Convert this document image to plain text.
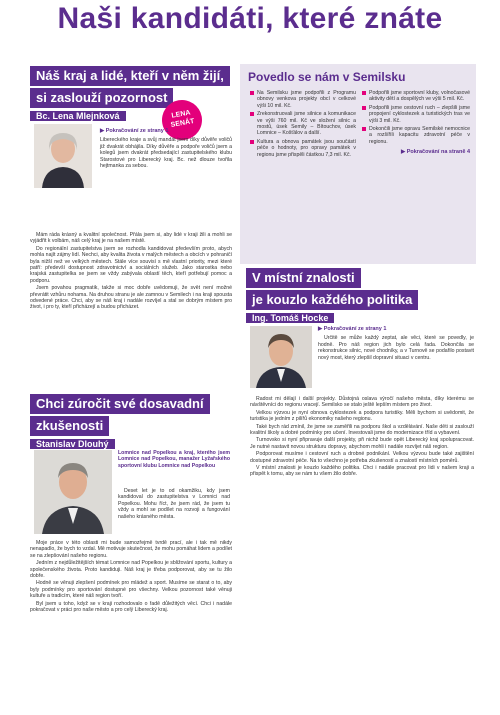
Naši kandidáti, které znáte
Náš kraj a lidé, kteří v něm žijí,
si zaslouží pozornost
Bc. Lena Mlejnková	LENA SENÁT
▶ Pokračování ze strany 1

Libereckého kraje a svůj mandát jsem díky důvěře voličů již dvakrát obhájila. Díky důvěře a podpoře voličů jsem a kolegů jsem dvakrát předsedající zastupitelského klubu Starostové pro Liberecký kraj. Bc. než dlouze tvořila hejtmanka za sebou.

Mám ráda krásný a kvalitní společnost. Přála jsem si, aby lidé v kraji žili a mohli se vyjádřit k volbám, náš celý kraj je na našem místě.

Do regionální zastupitelstva jsem se rozhodla kandidovat především proto, abych mohla najít zájmy lidí. Nechci, aby kvalita života v malých městech a obcích v pohraničí byla nižší než ve velkých městech. Stále více souvisí s mě vlastní priority, mezi které patří: předevší dostupnost zdravotnictví a sociálních služeb. Jako starostka nebo krajská zastupitelka se jsem se vždy zabývala oblastí těch, kteří potřebují pomoc a podporu.

Jsem povahou pragmatik, takže si moc dobře uvědomuji, že svět není možné převrátit vzhůru nohama. Na druhou stranu je ale zamnou v Semilech i na kraji spousta odvedené práce. Chci, aby se náš kraj i nadále rozvíjel a stal se dobrým místem pro život, i pro ty, kteří přicházejí a budou přicházet.

Chci zúročit své dosavadní
zkušenosti
Stanislav Dlouhý

Lomnice nad Popelkou a kraj, kterého jsem Lomnice nad Popelkou, manažer Lyžařského sportovní klubu Lomnice nad Popelkou

Deset let je to od okamžiku, kdy jsem kandidoval do zastupitelstva v Lomnici nad Popelkou. Mohu říct, že jsem rád, že jsem tu vždy a mohl se podílet na rozvoji a fungování našeho krásného města.

Moje práce v této oblasti mi bude samozřejmě tvrdě prací, ale i tak mě nikdy nenapadlo, že bych to vzdal. Mě motivuje skutečnost, že mohu pomáhat lidem a podílet se na zlepšování našeho regionu.

Jedním z nejdůležitějších témat Lomnice nad Popelkou je sbližování sportu, kultury a společenského života. Proto kandiduji. Náš kraj je třeba podporovat, aby se tu žilo dobře.

Hodně se věnuji zlepšení podmínek pro mládež a sport. Musíme se starat o to, aby byly podmínky pro sportování dostupné pro všechny. Velkou pozornost také věnuji kultuře a tradicím, které náš region tvoří.

Byl jsem u toho, když se v kraji rozhodovalo o řadě důležitých věcí. Chci i nadále pokračovat v práci pro naše město a pro celý Liberecký kraj.

Povedlo se nám v Semilsku
Na Semilsku jsme podpořili z Programu obnovy venkova projekty obcí v celkové výši 10 mil. Kč.
Zrekonstruovali jsme silnice a komunikace ve výši 760 mil. Kč ve složení silnic a mostů, úsek Semily – Bítouchov, úsek Lomnice – Košťálov a další.
Kultura a obnova památek jsou součástí péče o hodnoty, pro opravy památek v regionu jsme přispěli částkou 7,3 mil. Kč.
Podpořili jsme sportovní kluby, volnočasové aktivity dětí a dospělých ve výši 5 mil. Kč.
Podpořili jsme cestovní ruch – zlepšili jsme propojení cyklostezek a turistických tras ve výši 3 mil. Kč.
Dokončili jsme opravu Semilské nemocnice a rozšířili kapacitu zdravotní péče v regionu.
▶ Pokračování na straně 4
V místní znalosti
je kouzlo každého politika
Ing. Tomáš Hocke
▶ Pokračování ze strany 1

Určitě se může každý zeptat, ale věci, které se povedly, je hodně. Pro náš region jich bylo celá řada. Dokončila se rekonstrukce silnic, nové chodníky, a v Turnově se podařilo postavit nový most, který zlepšil dopravní situaci v centru.

Radost mi dělají i další projekty. Důstojná oslava výročí našeho města, díky kterému se návštěvníci do regionu vracejí. Semilsko se stalo ještě lepším místem pro život.

Velkou výzvou je nyní obnova cyklostezek a podpora turistiky. Měli bychom si uvědomit, že turistika je jedním z pilířů ekonomiky našeho regionu.

Také bych rád zmínil, že jsme se zaměřili na podporu škol a vzdělávání. Naše děti si zaslouží kvalitní školy a dobré podmínky pro učení. Investovali jsme do modernizace tříd a vybavení.

Turnovsko si nyní připravuje další projekty, při nichž bude opět Liberecký kraj spolupracovat. Je nutné nastavit novou strukturu dopravy, abychom mohli i nadále rozvíjet náš region.

Podporovat musíme i cestovní ruch a drobné podnikání. Velkou výzvou bude také zajištění dostupné zdravotní péče. Na to všechno je potřeba zkušeností a znalostí místních poměrů.

V místní znalosti je kouzlo každého politika. Chci i nadále pracovat pro lidi v našem kraji a přispět k tomu, aby se nám tu všem žilo dobře.
